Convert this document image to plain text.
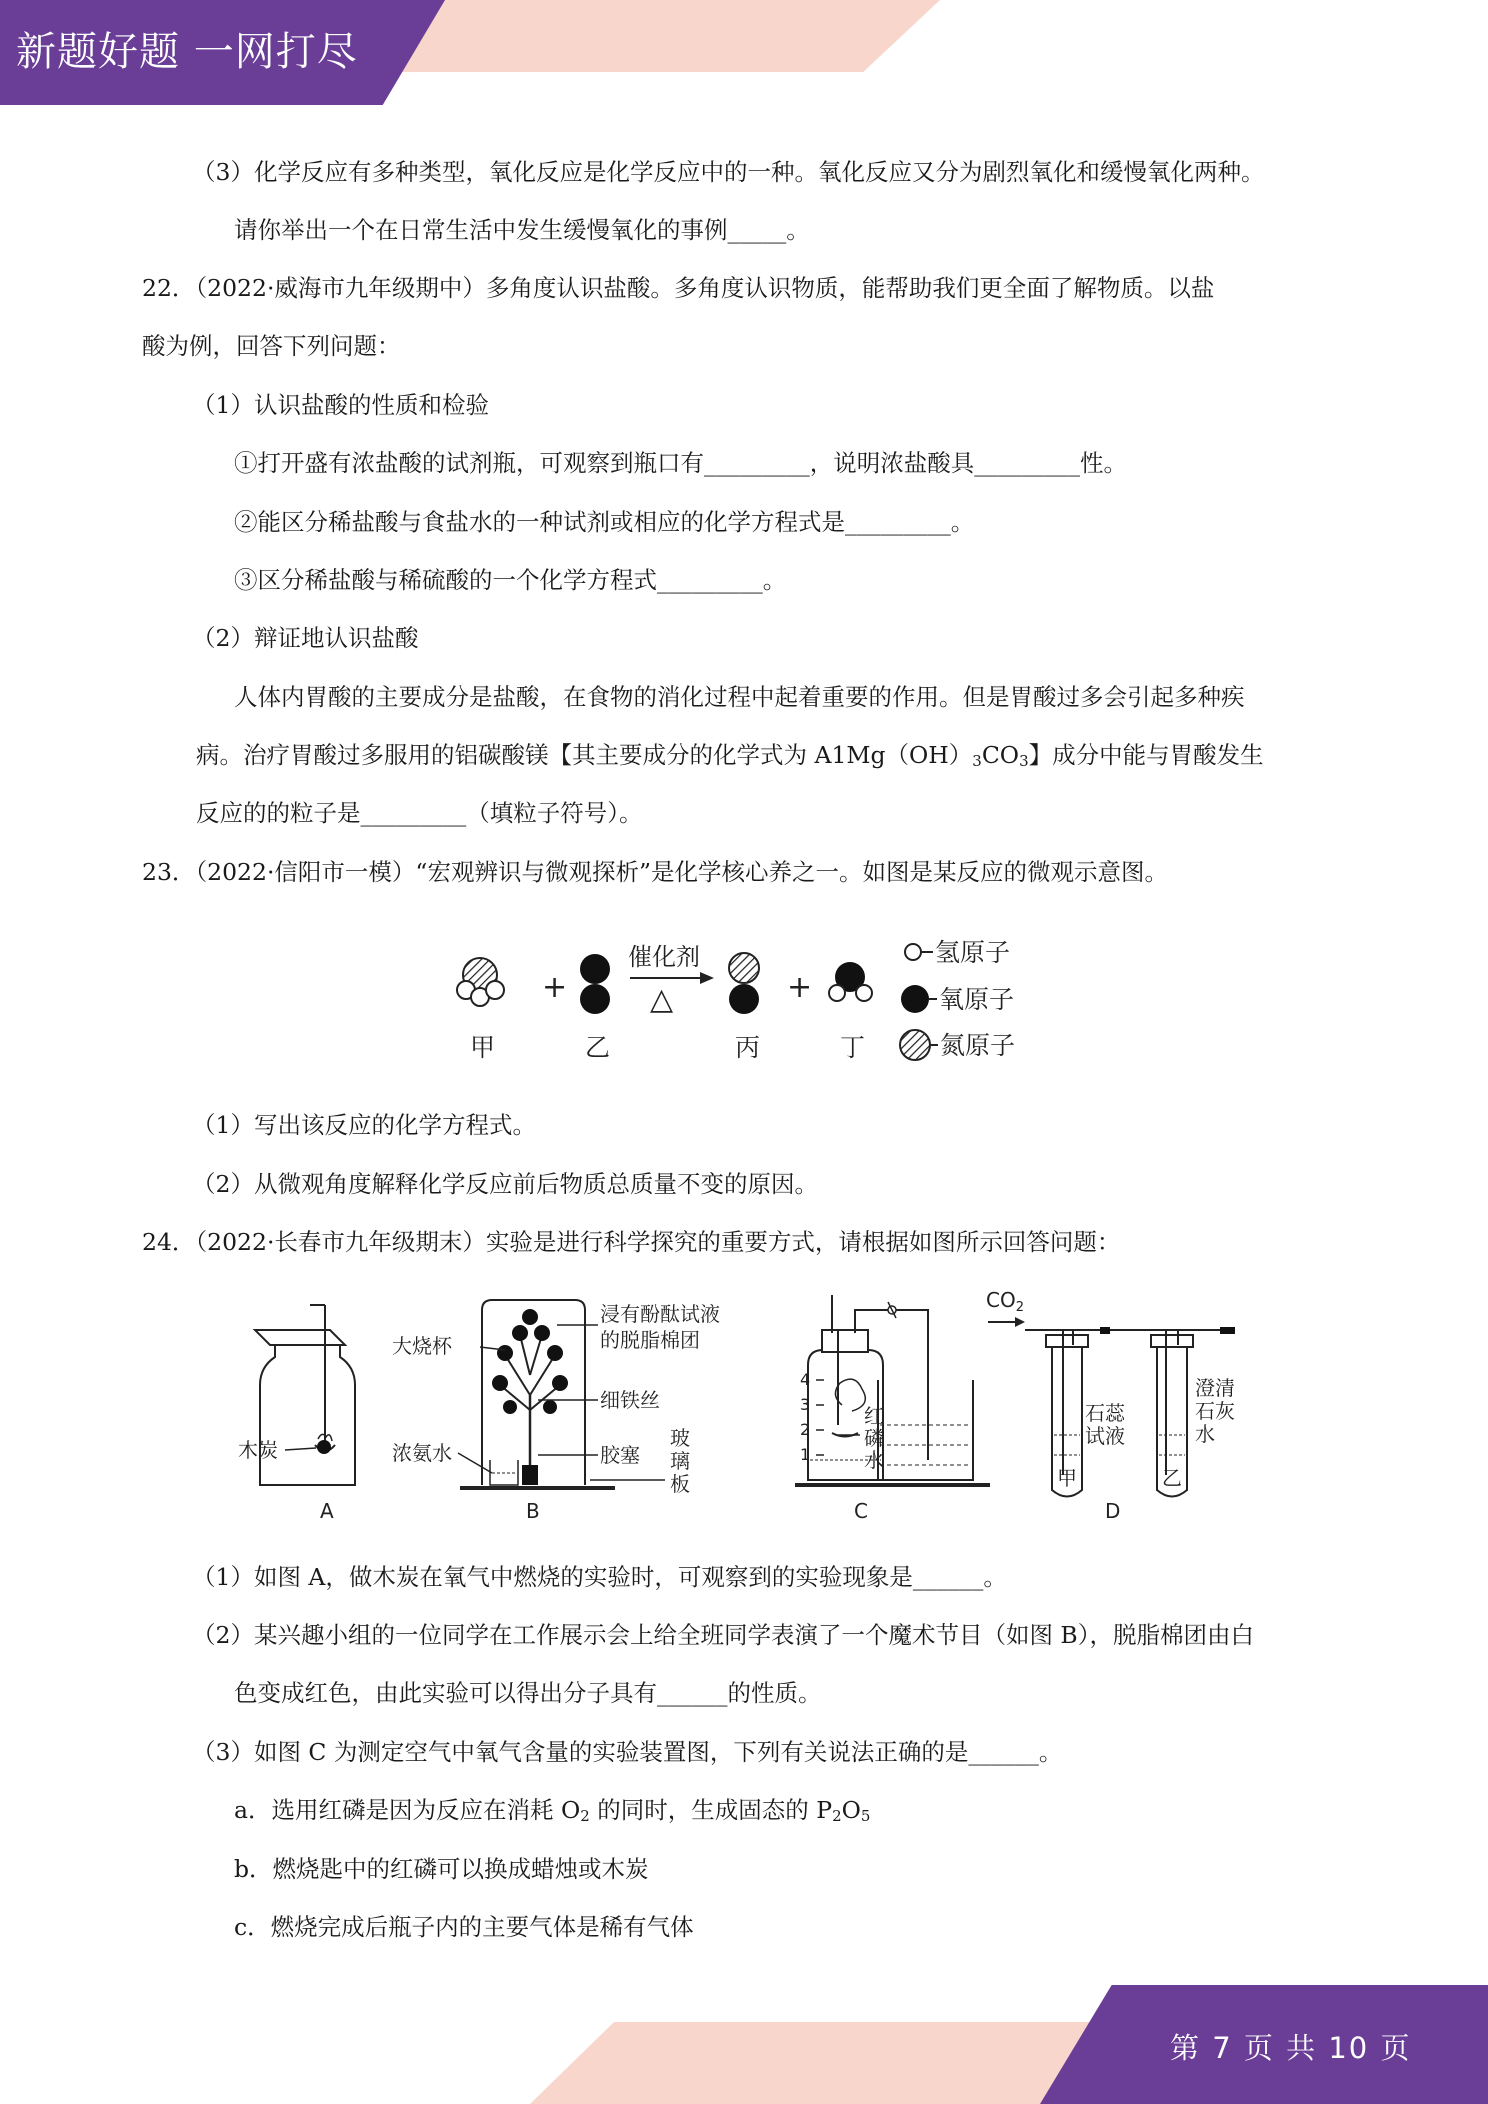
新题好题 一网打尽
（3）化学反应有多种类型，氧化反应是化学反应中的一种。氧化反应又分为剧烈氧化和缓慢氧化两种。
请你举出一个在日常生活中发生缓慢氧化的事例_____。
22．（2022·威海市九年级期中）多角度认识盐酸。多角度认识物质，能帮助我们更全面了解物质。以盐
酸为例，回答下列问题：
（1）认识盐酸的性质和检验
①打开盛有浓盐酸的试剂瓶，可观察到瓶口有_________，说明浓盐酸具_________性。
②能区分稀盐酸与食盐水的一种试剂或相应的化学方程式是_________。
③区分稀盐酸与稀硫酸的一个化学方程式_________。
（2）辩证地认识盐酸
人体内胃酸的主要成分是盐酸，在食物的消化过程中起着重要的作用。但是胃酸过多会引起多种疾
病。治疗胃酸过多服用的铝碳酸镁【其主要成分的化学式为 $A1Mg(OH)_3CO_3$】成分中能与胃酸发生
反应的的粒子是_________（填粒子符号）。
23．（2022·信阳市一模）“宏观辨识与微观探析”是化学核心养之一。如图是某反应的微观示意图。
+
催化剂
△	+
氢原子
氧原子
氮原子
甲	乙	丙	丁
（1）写出该反应的化学方程式。
（2）从微观角度解释化学反应前后物质总质量不变的原因。
24．（2022·长春市九年级期末）实验是进行科学探究的重要方式，请根据如图所示回答问题：
木炭
A
大烧杯
浸有酚酞试液
的脱脂棉团
细铁丝
浓氨水	胶塞
玻
璃
板
B
4
3
2
1
红
磷
水
C
$CO_2$
石蕊
试液
澄清
石灰
水
甲	乙
D
（1）如图 A，做木炭在氧气中燃烧的实验时，可观察到的实验现象是______。
（2）某兴趣小组的一位同学在工作展示会上给全班同学表演了一个魔术节目（如图 B），脱脂棉团由白
色变成红色，由此实验可以得出分子具有______的性质。
（3）如图 C 为测定空气中氧气含量的实验装置图，下列有关说法正确的是______。
a．选用红磷是因为反应在消耗 $O_2$ 的同时，生成固态的 $P_2O_5$
b．燃烧匙中的红磷可以换成蜡烛或木炭
c．燃烧完成后瓶子内的主要气体是稀有气体
第 7 页 共 10 页
